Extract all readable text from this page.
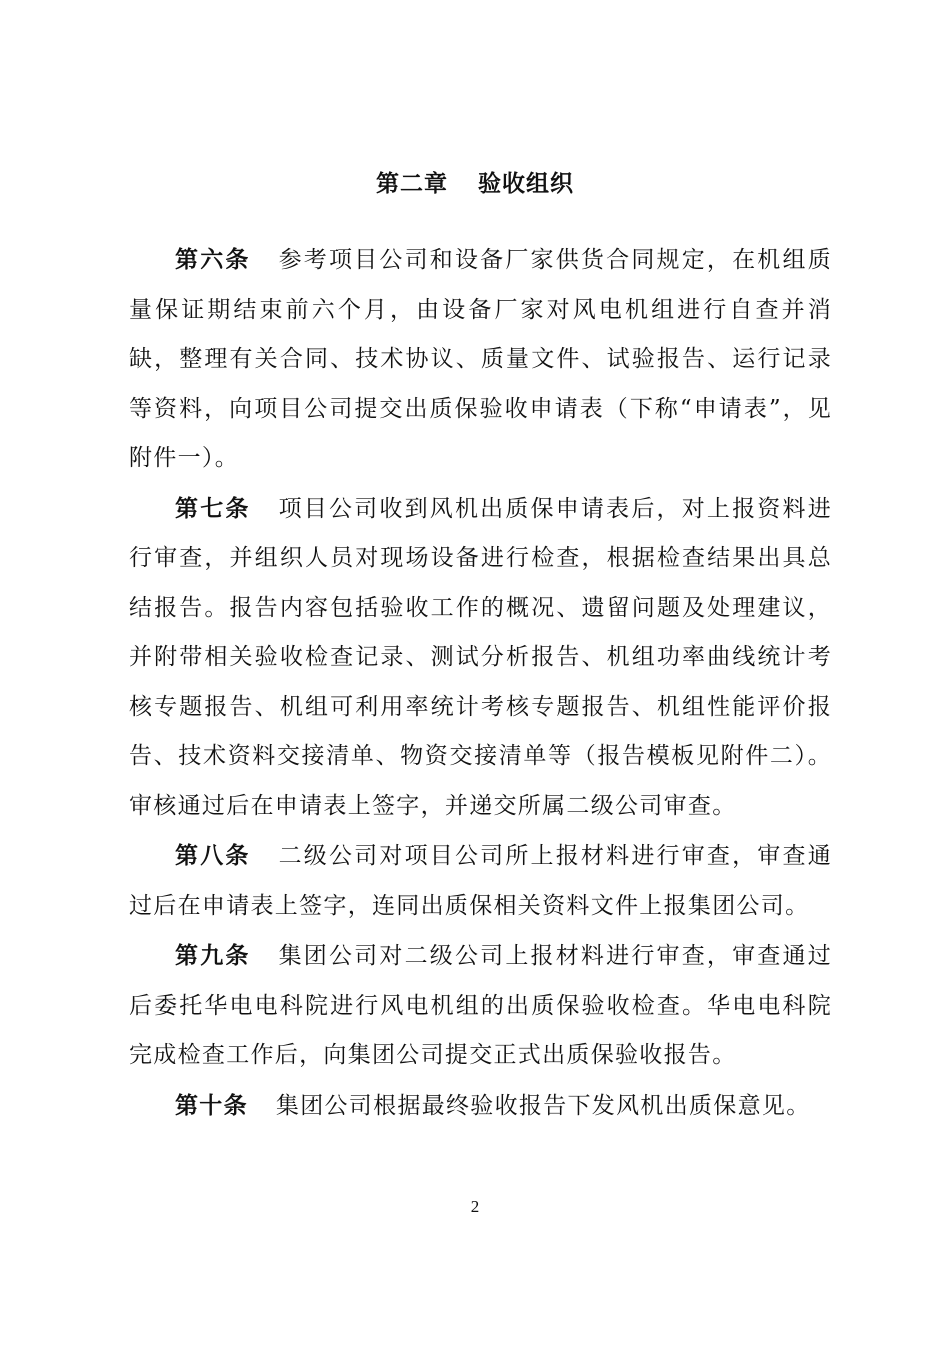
第二章 验收组织

第六条 参考项目公司和设备厂家供货合同规定，在机组质量保证期结束前六个月，由设备厂家对风电机组进行自查并消缺，整理有关合同、技术协议、质量文件、试验报告、运行记录等资料，向项目公司提交出质保验收申请表（下称“申请表”，见附件一）。

第七条 项目公司收到风机出质保申请表后，对上报资料进行审查，并组织人员对现场设备进行检查，根据检查结果出具总结报告。报告内容包括验收工作的概况、遗留问题及处理建议，并附带相关验收检查记录、测试分析报告、机组功率曲线统计考核专题报告、机组可利用率统计考核专题报告、机组性能评价报告、技术资料交接清单、物资交接清单等（报告模板见附件二）。审核通过后在申请表上签字，并递交所属二级公司审查。

第八条 二级公司对项目公司所上报材料进行审查，审查通过后在申请表上签字，连同出质保相关资料文件上报集团公司。

第九条 集团公司对二级公司上报材料进行审查，审查通过后委托华电电科院进行风电机组的出质保验收检查。华电电科院完成检查工作后，向集团公司提交正式出质保验收报告。

第十条 集团公司根据最终验收报告下发风机出质保意见。

2
